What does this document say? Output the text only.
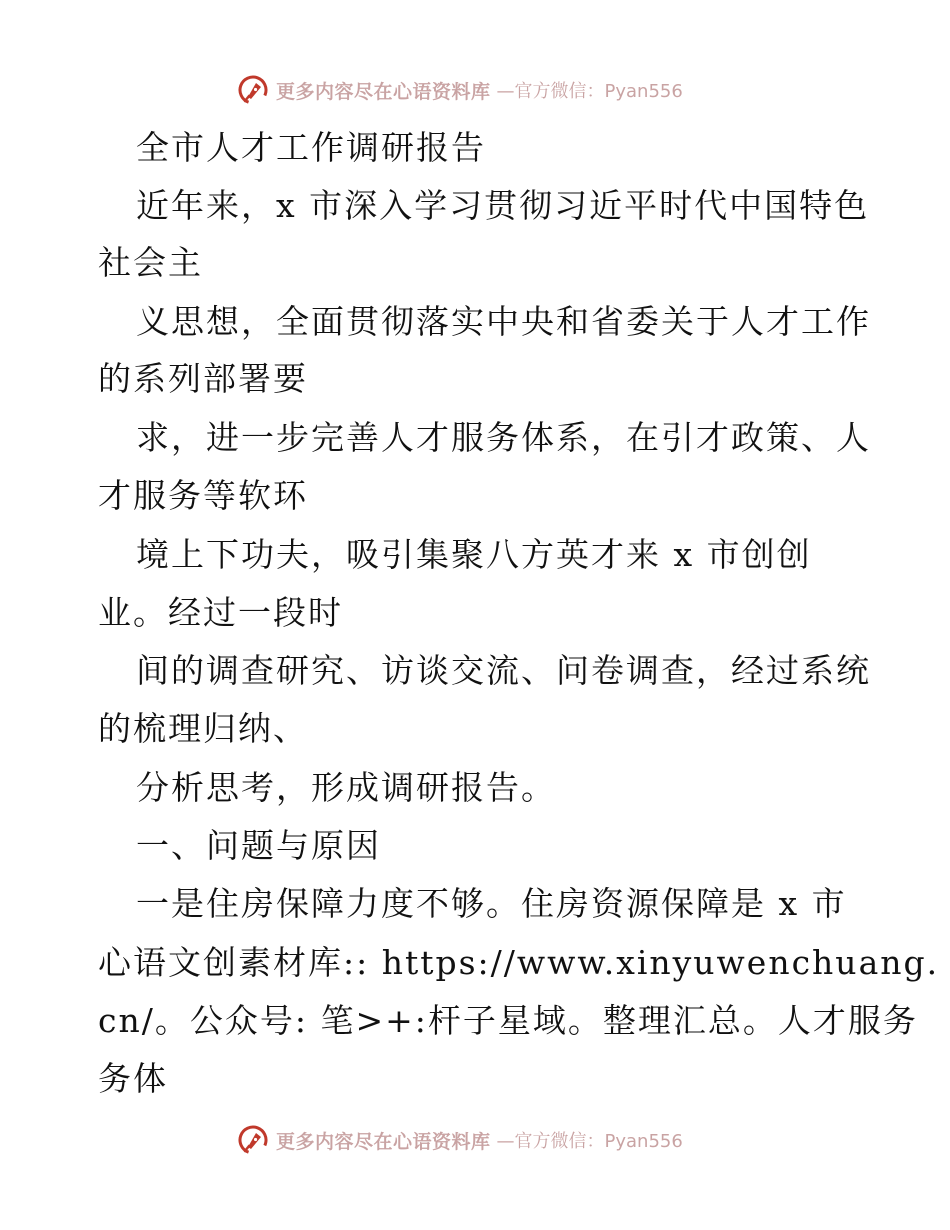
更多内容尽在心语资料库 —官方微信：Pyan556
全市人才工作调研报告
近年来，x 市深入学习贯彻习近平时代中国特色
社会主
义思想，全面贯彻落实中央和省委关于人才工作
的系列部署要
求，进一步完善人才服务体系，在引才政策、人
才服务等软环
境上下功夫，吸引集聚八方英才来 x 市创创
业。经过一段时
间的调查研究、访谈交流、问卷调查，经过系统
的梳理归纳、
分析思考，形成调研报告。
一、问题与原因
一是住房保障力度不够。住房资源保障是 x 市
心语文创素材库:: https://www.xinyuwenchuang.
cn/。公众号: 笔>+:杆子星域。整理汇总。人才服务
务体
更多内容尽在心语资料库 —官方微信：Pyan556
